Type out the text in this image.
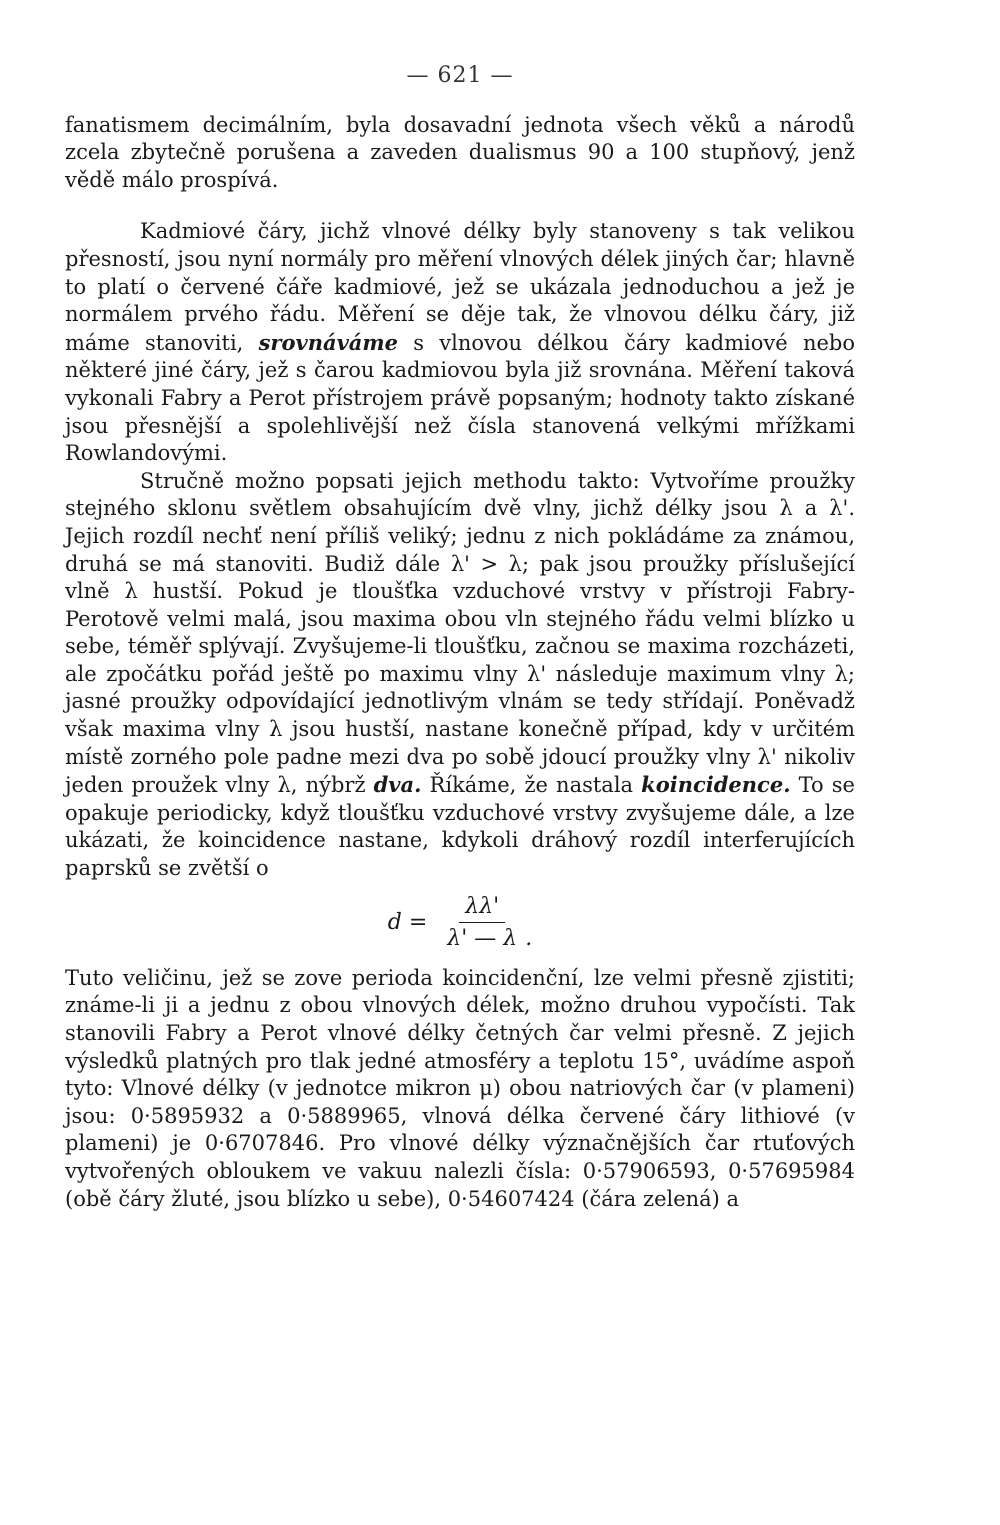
— 621 —

fanatismem decimálním, byla dosavadní jednota všech věků a národů zcela zbytečně porušena a zaveden dualismus 90 a 100 stupňový, jenž vědě málo prospívá.

Kadmiové čáry, jichž vlnové délky byly stanoveny s tak velikou přesností, jsou nyní normály pro měření vlnových délek jiných čar; hlavně to platí o červené čáře kadmiové, jež se ukázala jednoduchou a jež je normálem prvého řádu. Měření se děje tak, že vlnovou délku čáry, již máme stanoviti, srovnáváme s vlnovou délkou čáry kadmiové nebo některé jiné čáry, jež s čarou kadmiovou byla již srovnána. Měření taková vykonali Fabry a Perot přístrojem právě popsaným; hodnoty takto získané jsou přesnější a spolehlivější než čísla stanovená velkými mřížkami Rowlandovými.

Stručně možno popsati jejich methodu takto: Vytvoříme proužky stejného sklonu světlem obsahujícím dvě vlny, jichž délky jsou λ a λ'. Jejich rozdíl nechť není příliš veliký; jednu z nich pokládáme za známou, druhá se má stanoviti. Budiž dále λ' > λ; pak jsou proužky příslušející vlně λ hustší. Pokud je tloušťka vzduchové vrstvy v přístroji Fabry-Perotově velmi malá, jsou maxima obou vln stejného řádu velmi blízko u sebe, téměř splývají. Zvyšujeme-li tloušťku, začnou se maxima rozcházeti, ale zpočátku pořád ještě po maximu vlny λ' následuje maximum vlny λ; jasné proužky odpovídající jednotlivým vlnám se tedy střídají. Poněvadž však maxima vlny λ jsou hustší, nastane konečně případ, kdy v určitém místě zorného pole padne mezi dva po sobě jdoucí proužky vlny λ' nikoliv jeden proužek vlny λ, nýbrž dva. Říkáme, že nastala koincidence. To se opakuje periodicky, když tloušťku vzduchové vrstvy zvyšujeme dále, a lze ukázati, že koincidence nastane, kdykoli dráhový rozdíl interferujících paprsků se zvětší o

$d = \frac{\lambda\lambda'}{\lambda' — \lambda}$ .

Tuto veličinu, jež se zove perioda koincidenční, lze velmi přesně zjistiti; známe-li ji a jednu z obou vlnových délek, možno druhou vypočísti. Tak stanovili Fabry a Perot vlnové délky četných čar velmi přesně. Z jejich výsledků platných pro tlak jedné atmosféry a teplotu 15°, uvádíme aspoň tyto: Vlnové délky (v jednotce mikron μ) obou natriových čar (v plameni) jsou: 0·5895932 a 0·5889965, vlnová délka červené čáry lithiové (v plameni) je 0·6707846. Pro vlnové délky význačnějších čar rtuťových vytvořených obloukem ve vakuu nalezli čísla: 0·57906593, 0·57695984 (obě čáry žluté, jsou blízko u sebe), 0·54607424 (čára zelená) a
